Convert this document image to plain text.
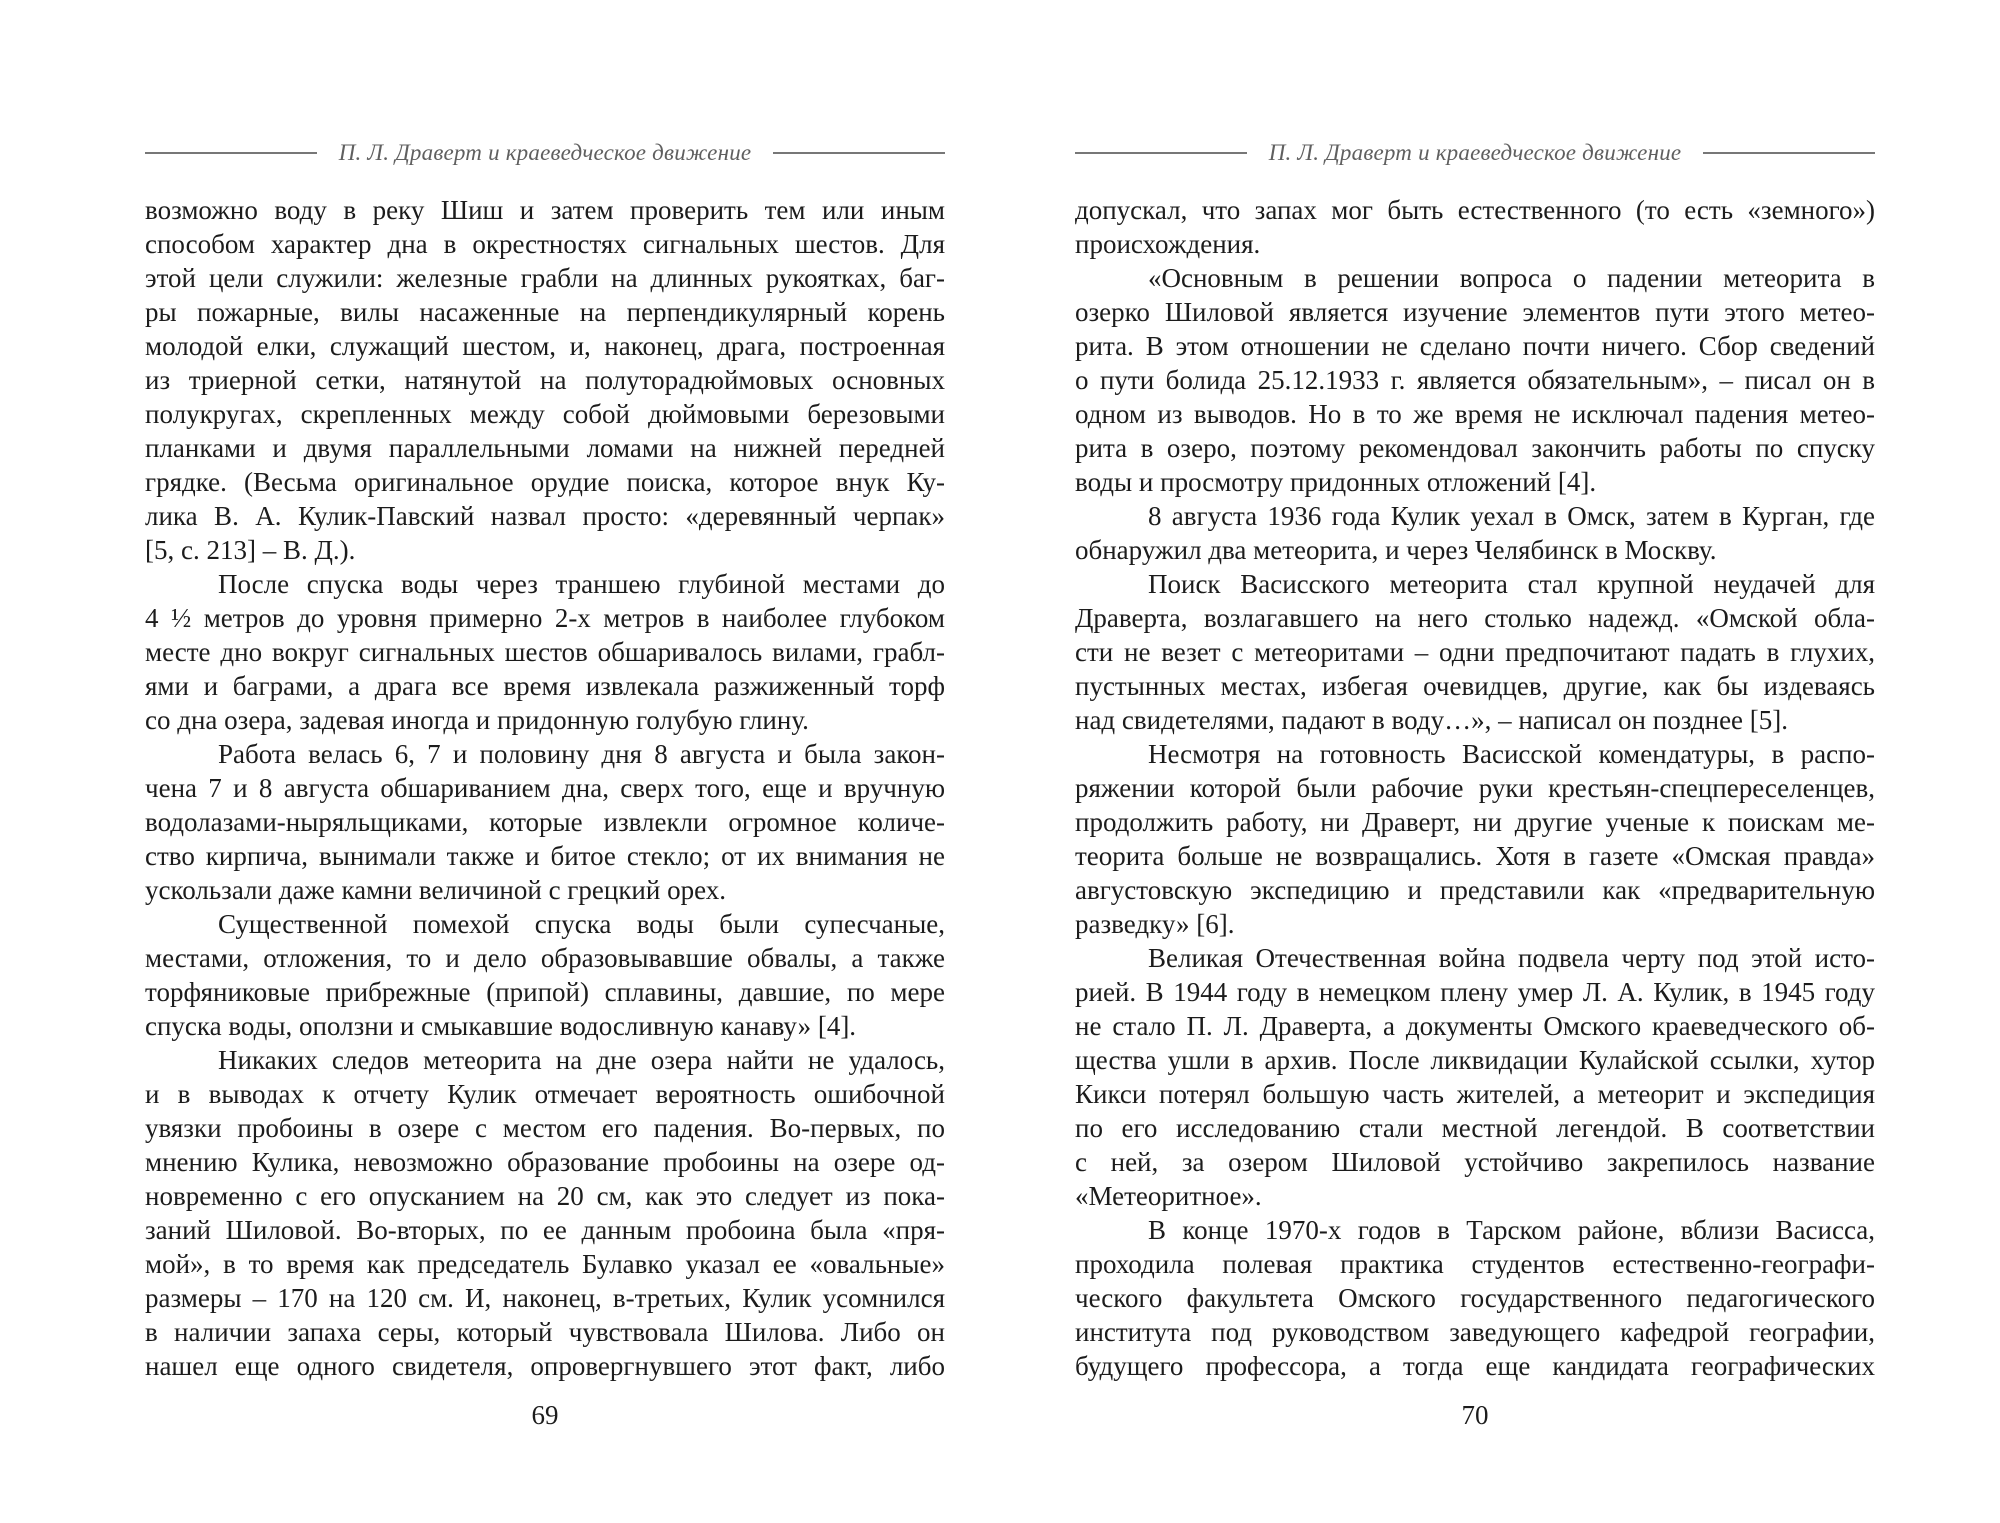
П. Л. Драверт и краеведческое движение
возможно воду в реку Шиш и затем проверить тем или иным
способом характер дна в окрестностях сигнальных шестов. Для
этой цели служили: железные грабли на длинных рукоятках, баг-
ры пожарные, вилы насаженные на перпендикулярный корень
молодой елки, служащий шестом, и, наконец, драга, построенная
из триерной сетки, натянутой на полуторадюймовых основных
полукругах, скрепленных между собой дюймовыми березовыми
планками и двумя параллельными ломами на нижней передней
грядке. (Весьма оригинальное орудие поиска, которое внук Ку-
лика В. А. Кулик-Павский назвал просто: «деревянный черпак»
[5, с. 213] – В. Д.).
После спуска воды через траншею глубиной местами до
4 ½ метров до уровня примерно 2-х метров в наиболее глубоком
месте дно вокруг сигнальных шестов обшаривалось вилами, грабл-
ями и баграми, а драга все время извлекала разжиженный торф
со дна озера, задевая иногда и придонную голубую глину.
Работа велась 6, 7 и половину дня 8 августа и была закон-
чена 7 и 8 августа обшариванием дна, сверх того, еще и вручную
водолазами-ныряльщиками, которые извлекли огромное количе-
ство кирпича, вынимали также и битое стекло; от их внимания не
ускользали даже камни величиной с грецкий орех.
Существенной помехой спуска воды были супесчаные,
местами, отложения, то и дело образовывавшие обвалы, а также
торфяниковые прибрежные (припой) сплавины, давшие, по мере
спуска воды, оползни и смыкавшие водосливную канаву» [4].
Никаких следов метеорита на дне озера найти не удалось,
и в выводах к отчету Кулик отмечает вероятность ошибочной
увязки пробоины в озере с местом его падения. Во-первых, по
мнению Кулика, невозможно образование пробоины на озере од-
новременно с его опусканием на 20 см, как это следует из пока-
заний Шиловой. Во-вторых, по ее данным пробоина была «пря-
мой», в то время как председатель Булавко указал ее «овальные»
размеры – 170 на 120 см. И, наконец, в-третьих, Кулик усомнился
в наличии запаха серы, который чувствовала Шилова. Либо он
нашел еще одного свидетеля, опровергнувшего этот факт, либо
69
П. Л. Драверт и краеведческое движение
допускал, что запах мог быть естественного (то есть «земного»)
происхождения.
«Основным в решении вопроса о падении метеорита в
озерко Шиловой является изучение элементов пути этого метео-
рита. В этом отношении не сделано почти ничего. Сбор сведений
о пути болида 25.12.1933 г. является обязательным», – писал он в
одном из выводов. Но в то же время не исключал падения метео-
рита в озеро, поэтому рекомендовал закончить работы по спуску
воды и просмотру придонных отложений [4].
8 августа 1936 года Кулик уехал в Омск, затем в Курган, где
обнаружил два метеорита, и через Челябинск в Москву.
Поиск Васисского метеорита стал крупной неудачей для
Драверта, возлагавшего на него столько надежд. «Омской обла-
сти не везет с метеоритами – одни предпочитают падать в глухих,
пустынных местах, избегая очевидцев, другие, как бы издеваясь
над свидетелями, падают в воду…», – написал он позднее [5].
Несмотря на готовность Васисской комендатуры, в распо-
ряжении которой были рабочие руки крестьян-спецпереселенцев,
продолжить работу, ни Драверт, ни другие ученые к поискам ме-
теорита больше не возвращались. Хотя в газете «Омская правда»
августовскую экспедицию и представили как «предварительную
разведку» [6].
Великая Отечественная война подвела черту под этой исто-
рией. В 1944 году в немецком плену умер Л. А. Кулик, в 1945 году
не стало П. Л. Драверта, а документы Омского краеведческого об-
щества ушли в архив. После ликвидации Кулайской ссылки, хутор
Кикси потерял большую часть жителей, а метеорит и экспедиция
по его исследованию стали местной легендой. В соответствии
с ней, за озером Шиловой устойчиво закрепилось название
«Метеоритное».
В конце 1970-х годов в Тарском районе, вблизи Васисса,
проходила полевая практика студентов естественно-географи-
ческого факультета Омского государственного педагогического
института под руководством заведующего кафедрой географии,
будущего профессора, а тогда еще кандидата географических
70
